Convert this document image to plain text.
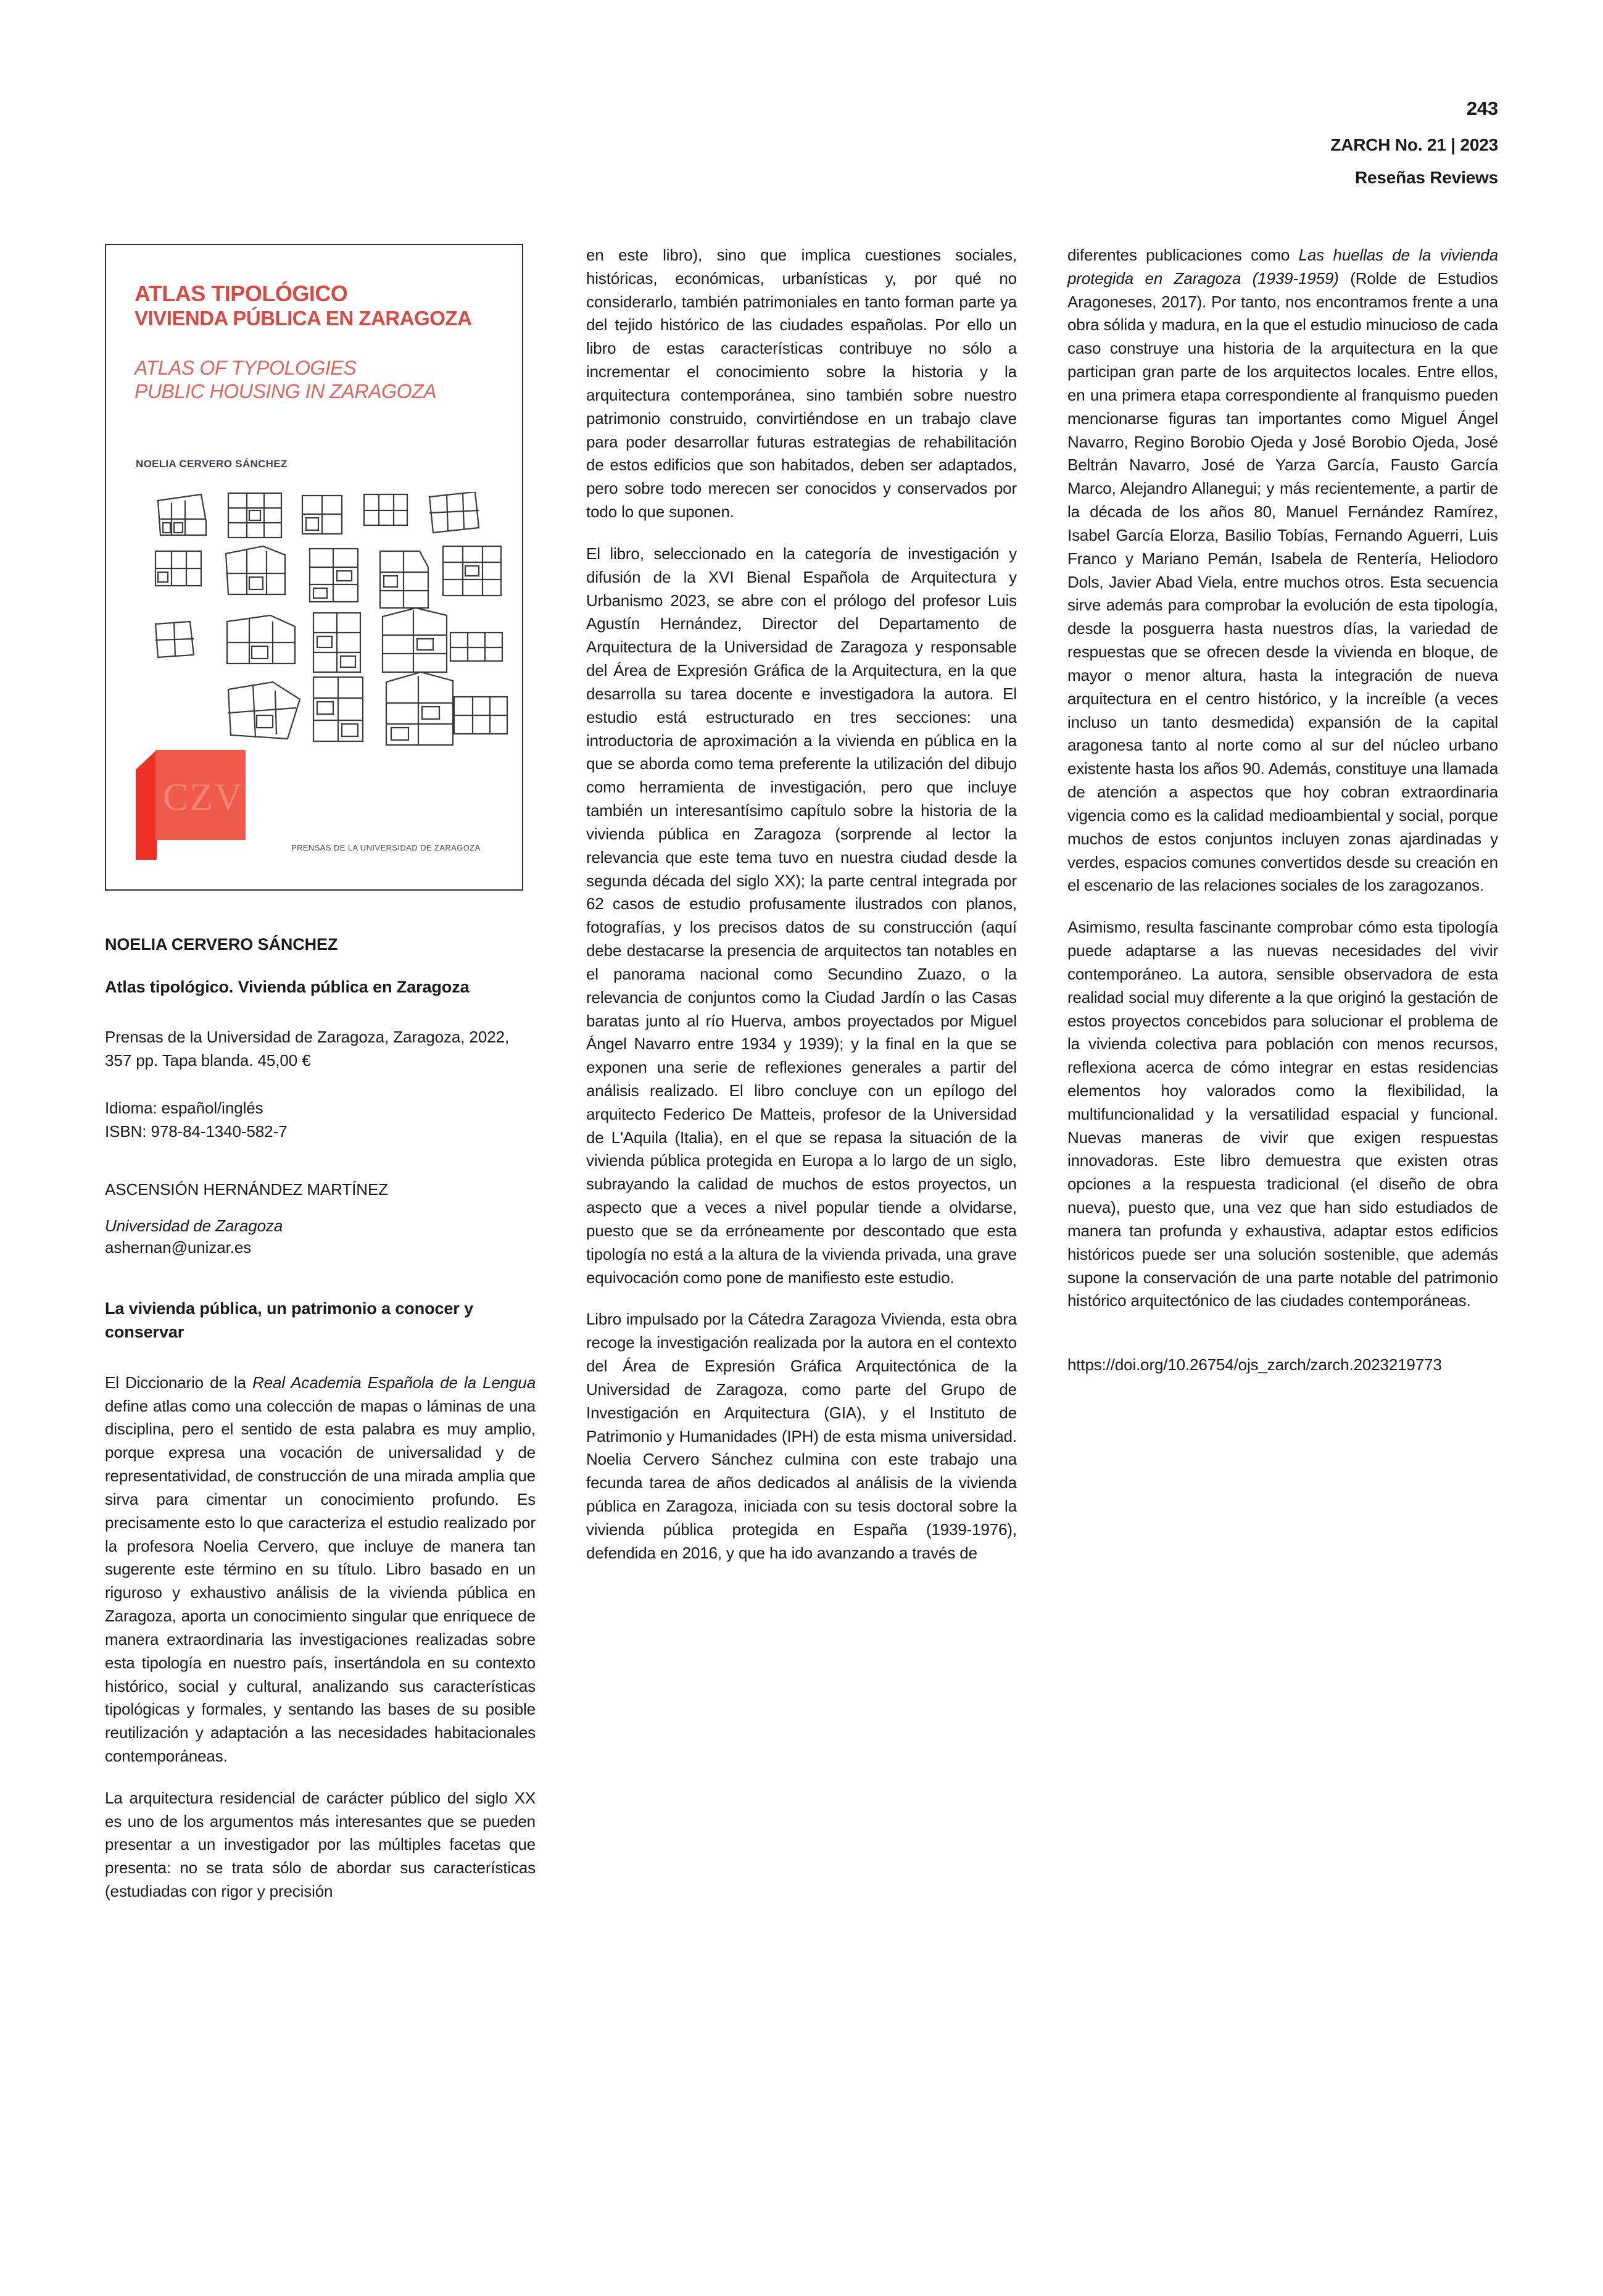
243
ZARCH No. 21 | 2023
Reseñas Reviews
ATLAS TIPOLÓGICO
VIVIENDA PÚBLICA EN ZARAGOZA
ATLAS OF TYPOLOGIES
PUBLIC HOUSING IN ZARAGOZA
NOELIA CERVERO SÁNCHEZ
CZV
PRENSAS DE LA UNIVERSIDAD DE ZARAGOZA
NOELIA CERVERO SÁNCHEZ
Atlas tipológico. Vivienda pública en Zaragoza
Prensas de la Universidad de Zaragoza, Zaragoza, 2022, 357 pp. Tapa blanda. 45,00 €
Idioma: español/inglés
ISBN: 978-84-1340-582-7
ASCENSIÓN HERNÁNDEZ MARTÍNEZ
Universidad de Zaragoza
ashernan@unizar.es
La vivienda pública, un patrimonio a conocer y conservar

El Diccionario de la Real Academia Española de la Lengua define atlas como una colección de mapas o láminas de una disciplina, pero el sentido de esta palabra es muy amplio, porque expresa una vocación de universalidad y de representatividad, de construcción de una mirada amplia que sirva para cimentar un conocimiento profundo. Es precisamente esto lo que caracteriza el estudio realizado por la profesora Noelia Cervero, que incluye de manera tan sugerente este término en su título. Libro basado en un riguroso y exhaustivo análisis de la vivienda pública en Zaragoza, aporta un conocimiento singular que enriquece de manera extraordinaria las investigaciones realizadas sobre esta tipología en nuestro país, insertándola en su contexto histórico, social y cultural, analizando sus características tipológicas y formales, y sentando las bases de su posible reutilización y adaptación a las necesidades habitacionales contemporáneas.

La arquitectura residencial de carácter público del siglo XX es uno de los argumentos más interesantes que se pueden presentar a un investigador por las múltiples facetas que presenta: no se trata sólo de abordar sus características (estudiadas con rigor y precisión

en este libro), sino que implica cuestiones sociales, históricas, económicas, urbanísticas y, por qué no considerarlo, también patrimoniales en tanto forman parte ya del tejido histórico de las ciudades españolas. Por ello un libro de estas características contribuye no sólo a incrementar el conocimiento sobre la historia y la arquitectura contemporánea, sino también sobre nuestro patrimonio construido, convirtiéndose en un trabajo clave para poder desarrollar futuras estrategias de rehabilitación de estos edificios que son habitados, deben ser adaptados, pero sobre todo merecen ser conocidos y conservados por todo lo que suponen.

El libro, seleccionado en la categoría de investigación y difusión de la XVI Bienal Española de Arquitectura y Urbanismo 2023, se abre con el prólogo del profesor Luis Agustín Hernández, Director del Departamento de Arquitectura de la Universidad de Zaragoza y responsable del Área de Expresión Gráfica de la Arquitectura, en la que desarrolla su tarea docente e investigadora la autora. El estudio está estructurado en tres secciones: una introductoria de aproximación a la vivienda en pública en la que se aborda como tema preferente la utilización del dibujo como herramienta de investigación, pero que incluye también un interesantísimo capítulo sobre la historia de la vivienda pública en Zaragoza (sorprende al lector la relevancia que este tema tuvo en nuestra ciudad desde la segunda década del siglo XX); la parte central integrada por 62 casos de estudio profusamente ilustrados con planos, fotografías, y los precisos datos de su construcción (aquí debe destacarse la presencia de arquitectos tan notables en el panorama nacional como Secundino Zuazo, o la relevancia de conjuntos como la Ciudad Jardín o las Casas baratas junto al río Huerva, ambos proyectados por Miguel Ángel Navarro entre 1934 y 1939); y la final en la que se exponen una serie de reflexiones generales a partir del análisis realizado. El libro concluye con un epílogo del arquitecto Federico De Matteis, profesor de la Universidad de L'Aquila (Italia), en el que se repasa la situación de la vivienda pública protegida en Europa a lo largo de un siglo, subrayando la calidad de muchos de estos proyectos, un aspecto que a veces a nivel popular tiende a olvidarse, puesto que se da erróneamente por descontado que esta tipología no está a la altura de la vivienda privada, una grave equivocación como pone de manifiesto este estudio.

Libro impulsado por la Cátedra Zaragoza Vivienda, esta obra recoge la investigación realizada por la autora en el contexto del Área de Expresión Gráfica Arquitectónica de la Universidad de Zaragoza, como parte del Grupo de Investigación en Arquitectura (GIA), y el Instituto de Patrimonio y Humanidades (IPH) de esta misma universidad. Noelia Cervero Sánchez culmina con este trabajo una fecunda tarea de años dedicados al análisis de la vivienda pública en Zaragoza, iniciada con su tesis doctoral sobre la vivienda pública protegida en España (1939-1976), defendida en 2016, y que ha ido avanzando a través de

diferentes publicaciones como Las huellas de la vivienda protegida en Zaragoza (1939-1959) (Rolde de Estudios Aragoneses, 2017). Por tanto, nos encontramos frente a una obra sólida y madura, en la que el estudio minucioso de cada caso construye una historia de la arquitectura en la que participan gran parte de los arquitectos locales. Entre ellos, en una primera etapa correspondiente al franquismo pueden mencionarse figuras tan importantes como Miguel Ángel Navarro, Regino Borobio Ojeda y José Borobio Ojeda, José Beltrán Navarro, José de Yarza García, Fausto García Marco, Alejandro Allanegui; y más recientemente, a partir de la década de los años 80, Manuel Fernández Ramírez, Isabel García Elorza, Basilio Tobías, Fernando Aguerri, Luis Franco y Mariano Pemán, Isabela de Rentería, Heliodoro Dols, Javier Abad Viela, entre muchos otros. Esta secuencia sirve además para comprobar la evolución de esta tipología, desde la posguerra hasta nuestros días, la variedad de respuestas que se ofrecen desde la vivienda en bloque, de mayor o menor altura, hasta la integración de nueva arquitectura en el centro histórico, y la increíble (a veces incluso un tanto desmedida) expansión de la capital aragonesa tanto al norte como al sur del núcleo urbano existente hasta los años 90. Además, constituye una llamada de atención a aspectos que hoy cobran extraordinaria vigencia como es la calidad medioambiental y social, porque muchos de estos conjuntos incluyen zonas ajardinadas y verdes, espacios comunes convertidos desde su creación en el escenario de las relaciones sociales de los zaragozanos.

Asimismo, resulta fascinante comprobar cómo esta tipología puede adaptarse a las nuevas necesidades del vivir contemporáneo. La autora, sensible observadora de esta realidad social muy diferente a la que originó la gestación de estos proyectos concebidos para solucionar el problema de la vivienda colectiva para población con menos recursos, reflexiona acerca de cómo integrar en estas residencias elementos hoy valorados como la flexibilidad, la multifuncionalidad y la versatilidad espacial y funcional. Nuevas maneras de vivir que exigen respuestas innovadoras. Este libro demuestra que existen otras opciones a la respuesta tradicional (el diseño de obra nueva), puesto que, una vez que han sido estudiados de manera tan profunda y exhaustiva, adaptar estos edificios históricos puede ser una solución sostenible, que además supone la conservación de una parte notable del patrimonio histórico arquitectónico de las ciudades contemporáneas.

https://doi.org/10.26754/ojs_zarch/zarch.2023219773
